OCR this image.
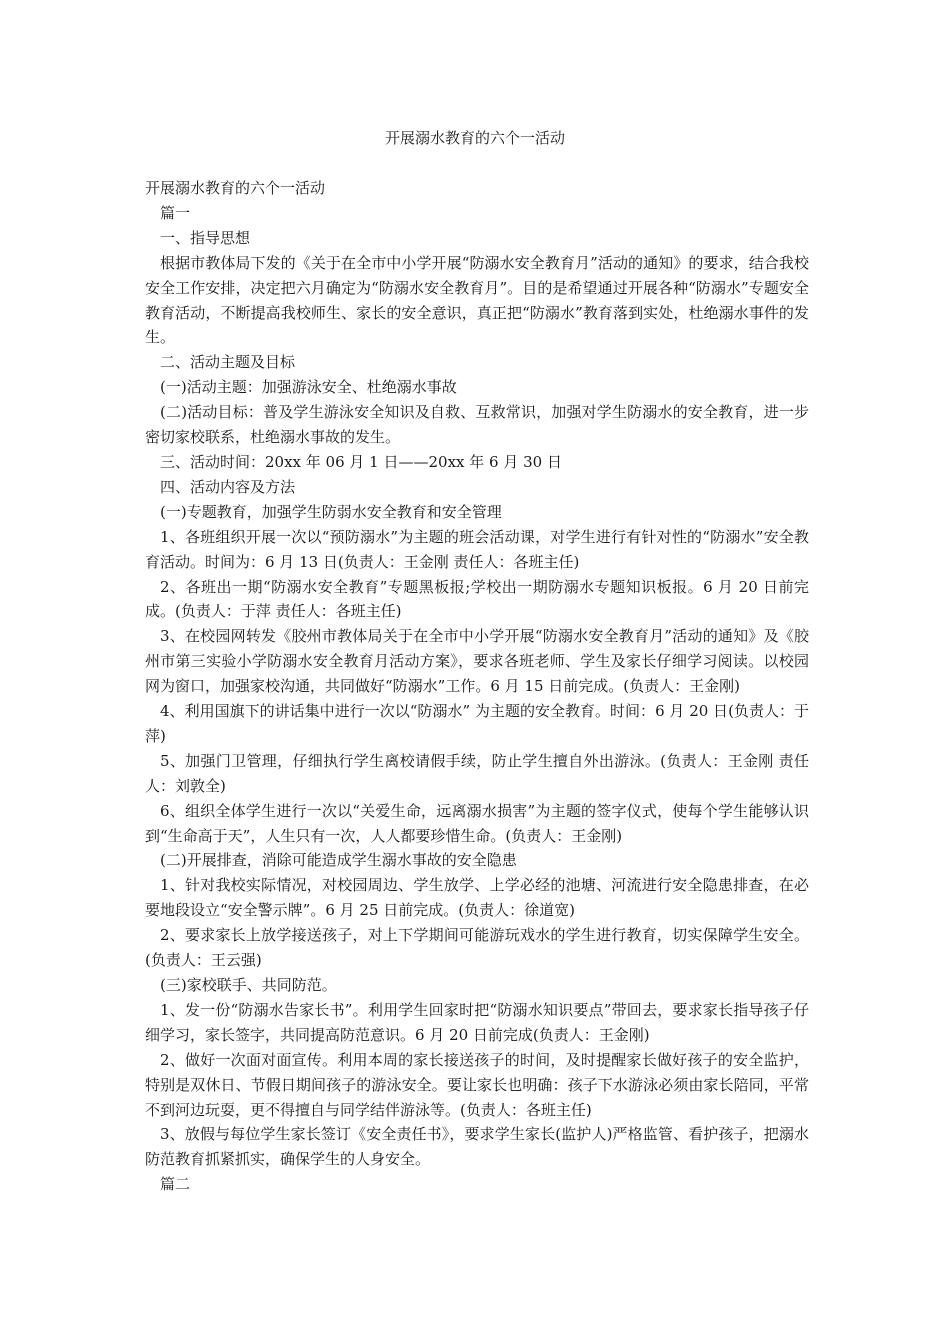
开展溺水教育的六个一活动

开展溺水教育的六个一活动

篇一

一、指导思想

根据市教体局下发的《关于在全市中小学开展“防溺水安全教育月”活动的通知》的要求，结合我校安全工作安排，决定把六月确定为“防溺水安全教育月”。目的是希望通过开展各种“防溺水”专题安全教育活动，不断提高我校师生、家长的安全意识，真正把“防溺水”教育落到实处，杜绝溺水事件的发生。

二、活动主题及目标

(一)活动主题：加强游泳安全、杜绝溺水事故

(二)活动目标：普及学生游泳安全知识及自救、互救常识，加强对学生防溺水的安全教育，进一步密切家校联系，杜绝溺水事故的发生。

三、活动时间：20xx 年 06 月 1 日——20xx 年 6 月 30 日

四、活动内容及方法

(一)专题教育，加强学生防弱水安全教育和安全管理

1、各班组织开展一次以“预防溺水”为主题的班会活动课，对学生进行有针对性的“防溺水”安全教育活动。时间为：6 月 13 日(负责人：王金刚 责任人：各班主任)

2、各班出一期“防溺水安全教育”专题黑板报;学校出一期防溺水专题知识板报。6 月 20 日前完成。(负责人：于萍 责任人：各班主任)

3、在校园网转发《胶州市教体局关于在全市中小学开展“防溺水安全教育月”活动的通知》及《胶州市第三实验小学防溺水安全教育月活动方案》，要求各班老师、学生及家长仔细学习阅读。以校园网为窗口，加强家校沟通，共同做好“防溺水”工作。6 月 15 日前完成。(负责人：王金刚)

4、利用国旗下的讲话集中进行一次以“防溺水” 为主题的安全教育。时间：6 月 20 日(负责人：于萍)

5、加强门卫管理，仔细执行学生离校请假手续，防止学生擅自外出游泳。(负责人：王金刚 责任人：刘敦全)

6、组织全体学生进行一次以“关爱生命，远离溺水损害”为主题的签字仪式，使每个学生能够认识到“生命高于天”，人生只有一次，人人都要珍惜生命。(负责人：王金刚)

(二)开展排查，消除可能造成学生溺水事故的安全隐患

1、针对我校实际情况，对校园周边、学生放学、上学必经的池塘、河流进行安全隐患排查，在必要地段设立“安全警示牌”。6 月 25 日前完成。(负责人：徐道宽)

2、要求家长上放学接送孩子，对上下学期间可能游玩戏水的学生进行教育，切实保障学生安全。(负责人：王云强)

(三)家校联手、共同防范。

1、发一份“防溺水告家长书”。利用学生回家时把“防溺水知识要点”带回去，要求家长指导孩子仔细学习，家长签字，共同提高防范意识。6 月 20 日前完成(负责人：王金刚)

2、做好一次面对面宣传。利用本周的家长接送孩子的时间，及时提醒家长做好孩子的安全监护，特别是双休日、节假日期间孩子的游泳安全。要让家长也明确：孩子下水游泳必须由家长陪同，平常不到河边玩耍，更不得擅自与同学结伴游泳等。(负责人：各班主任)

3、放假与每位学生家长签订《安全责任书》，要求学生家长(监护人)严格监管、看护孩子，把溺水防范教育抓紧抓实，确保学生的人身安全。

篇二
